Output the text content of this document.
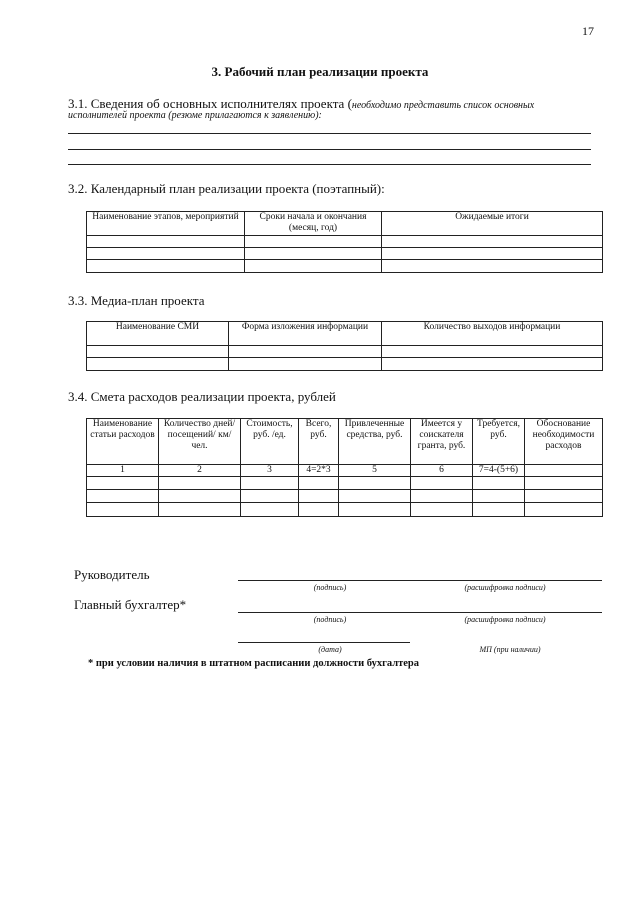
17
3. Рабочий план реализации проекта
3.1. Сведения об основных исполнителях проекта (необходимо представить список основных
исполнителей проекта (резюме прилагаются к заявлению):
3.2. Календарный план реализации проекта (поэтапный):
Наименование этапов, мероприятий	Сроки начала и окончания (месяц, год)	Ожидаемые итоги

3.3. Медиа-план проекта
Наименование СМИ	Форма изложения информации	Количество выходов информации

3.4. Смета расходов реализации проекта, рублей
Наименование статьи расходов	Количество дней/посещений/ км/чел.	Стоимость, руб. /ед.	Всего, руб.	Привлеченные средства, руб.	Имеется у соискателя гранта, руб.	Требуется, руб.	Обоснование необходимости расходов
1	2	3	4=2*3	5	6	7=4-(5+6)	

Руководитель
(подпись)	(расшифровка подписи)
Главный бухгалтер*
(подпись)	(расшифровка подписи)
(дата)	МП (при наличии)
* при условии наличия в штатном расписании должности бухгалтера
